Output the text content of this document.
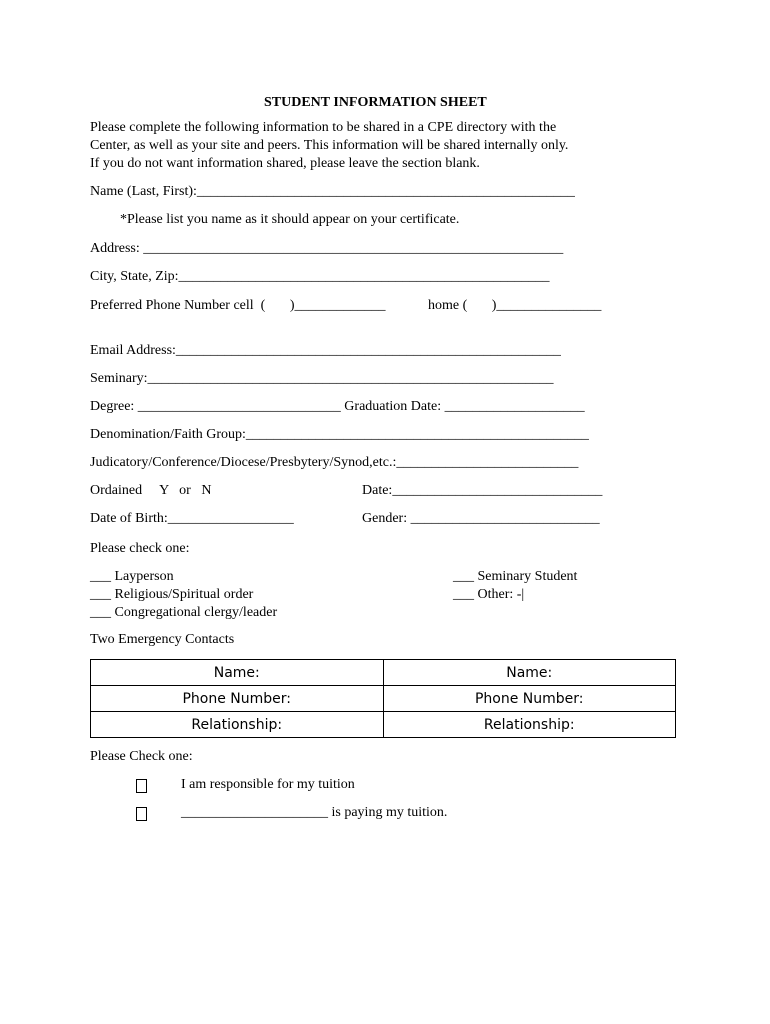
STUDENT INFORMATION SHEET
Please complete the following information to be shared in a CPE directory with the
Center, as well as your site and peers. This information will be shared internally only.
If you do not want information shared, please leave the section blank.
Name (Last, First):______________________________________________________
*Please list you name as it should appear on your certificate.
Address: ____________________________________________________________
City, State, Zip:_____________________________________________________
Preferred Phone Number cell  (       )_____________	home (       )_______________
Email Address:_______________________________________________________
Seminary:__________________________________________________________
Degree: _____________________________ Graduation Date: ____________________
Denomination/Faith Group:_________________________________________________
Judicatory/Conference/Diocese/Presbytery/Synod,etc.:__________________________
Ordained     Y   or   N	Date:______________________________
Date of Birth:__________________	Gender: ___________________________
Please check one:
___ Layperson
___ Religious/Spiritual order
___ Congregational clergy/leader
___ Seminary Student
___ Other: -|
Two Emergency Contacts
Name:	Name:
Phone Number:	Phone Number:
Relationship:	Relationship:
Please Check one:
I am responsible for my tuition
_____________________ is paying my tuition.
